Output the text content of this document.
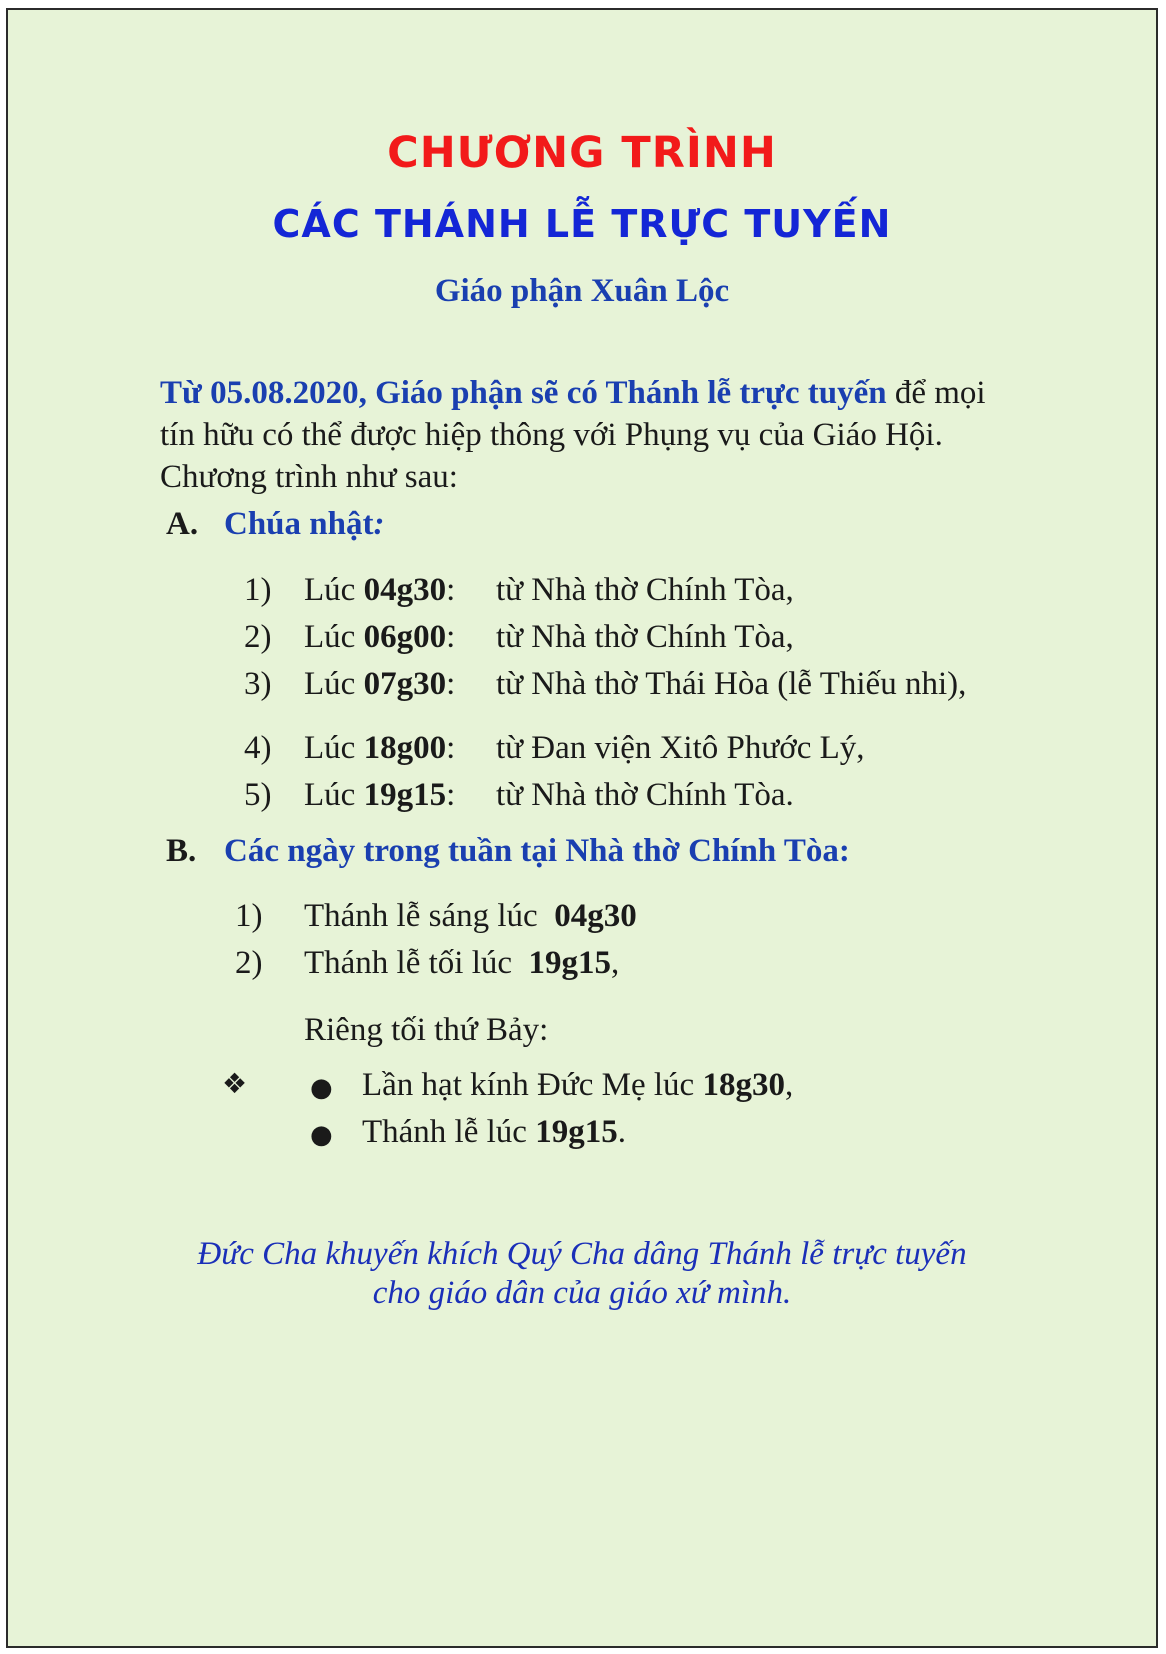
CHƯƠNG TRÌNH
CÁC THÁNH LỄ TRỰC TUYẾN
Giáo phận Xuân Lộc
Từ 05.08.2020, Giáo phận sẽ có Thánh lễ trực tuyến để mọi tín hữu có thể được hiệp thông với Phụng vụ của Giáo Hội. Chương trình như sau:
A. Chúa nhật:
1) Lúc 04g30: từ Nhà thờ Chính Tòa,
2) Lúc 06g00: từ Nhà thờ Chính Tòa,
3) Lúc 07g30: từ Nhà thờ Thái Hòa (lễ Thiếu nhi),
4) Lúc 18g00: từ Đan viện Xitô Phước Lý,
5) Lúc 19g15: từ Nhà thờ Chính Tòa.
B. Các ngày trong tuần tại Nhà thờ Chính Tòa:
1) Thánh lễ sáng lúc  04g30
2) Thánh lễ tối lúc  19g15,
❖
Riêng tối thứ Bảy:
● Lần hạt kính Đức Mẹ lúc 18g30,
● Thánh lễ lúc 19g15.
Đức Cha khuyến khích Quý Cha dâng Thánh lễ trực tuyến
cho giáo dân của giáo xứ mình.
